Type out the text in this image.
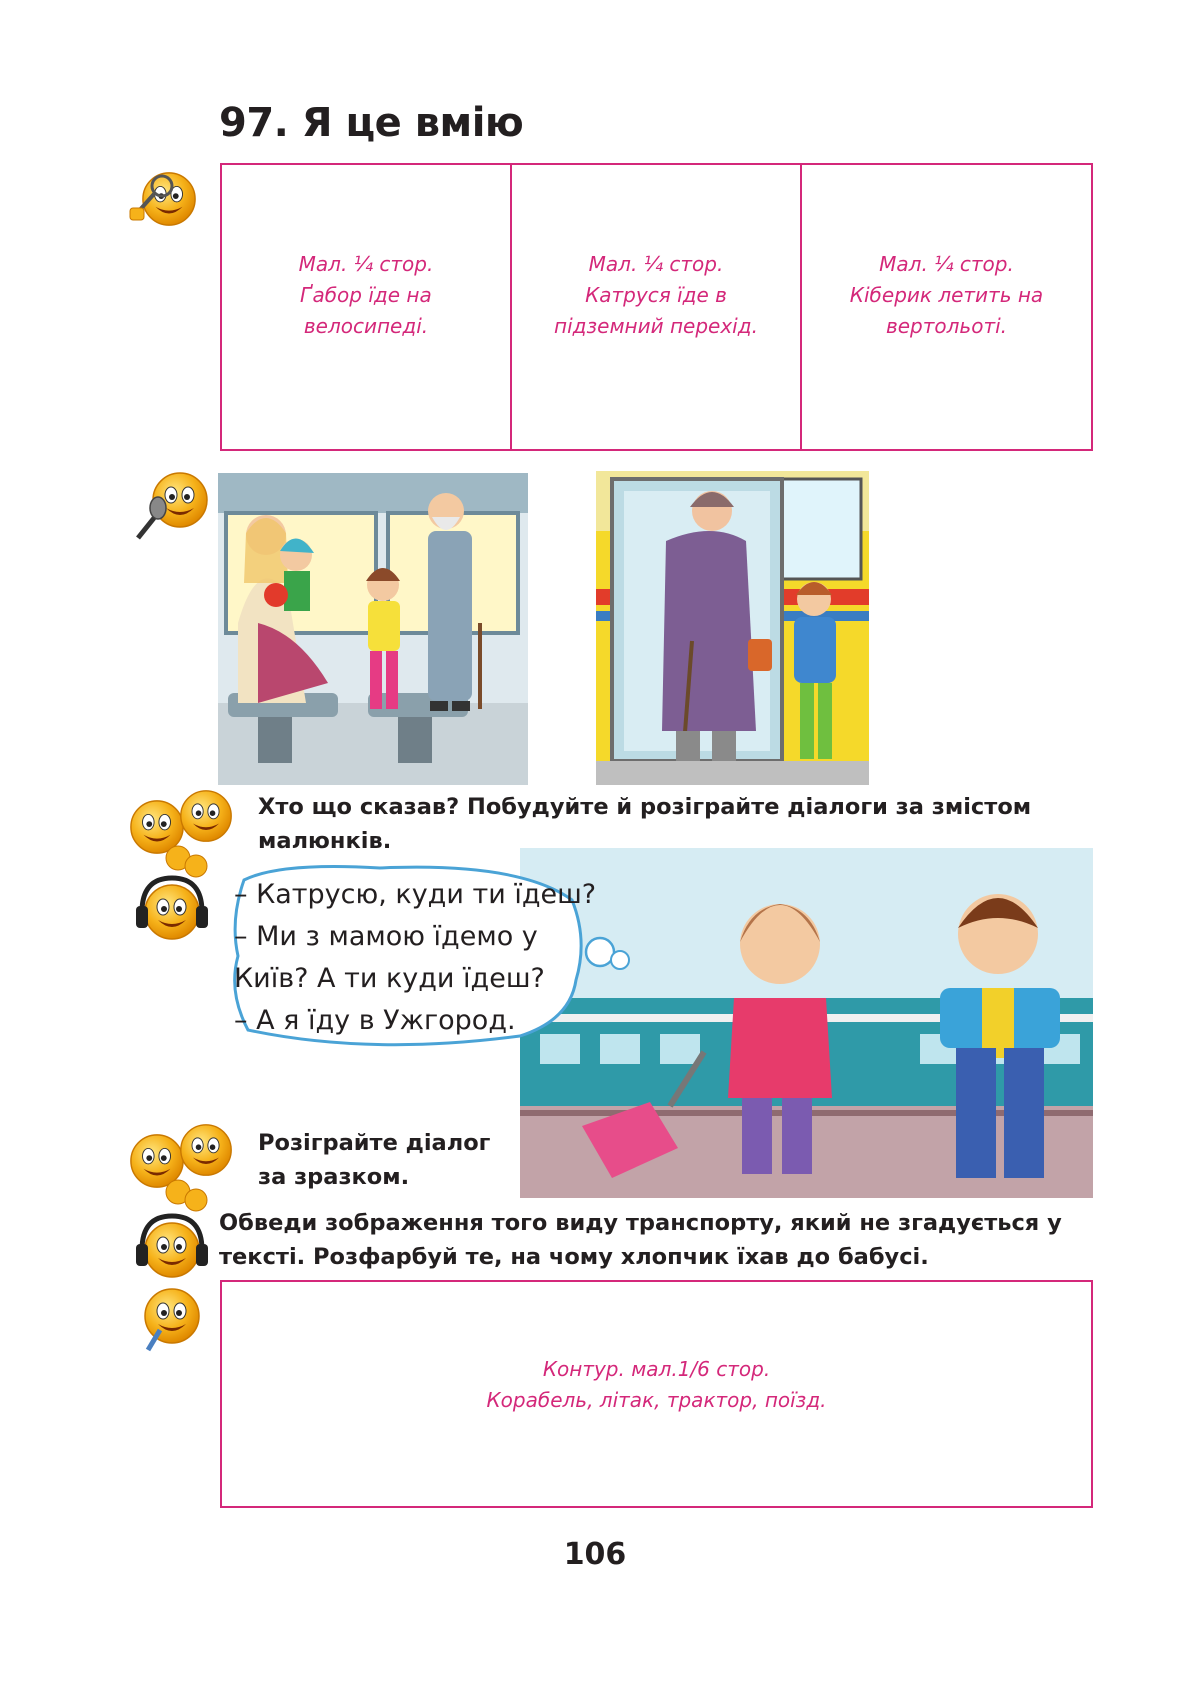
97. Я це вмію
Мал. ¼ стор.
Ґабор їде на
велосипеді.
Мал. ¼ стор.
Катруся їде в
підземний перехід.
Мал. ¼ стор.
Кіберик летить на
вертольоті.
Хто що сказав? Побудуйте й розіграйте діалоги за змістом малюнків.
– Катрусю, куди ти їдеш?
– Ми з мамою їдемо у
Київ? А ти куди їдеш?
– А я їду в Ужгород.
Розіграйте діалог
за зразком.
Обведи зображення того виду транспорту, який не згадується у тексті. Розфарбуй те, на чому хлопчик їхав до бабусі.
Контур. мал.1/6 стор.
Корабель, літак, трактор, поїзд.
106
